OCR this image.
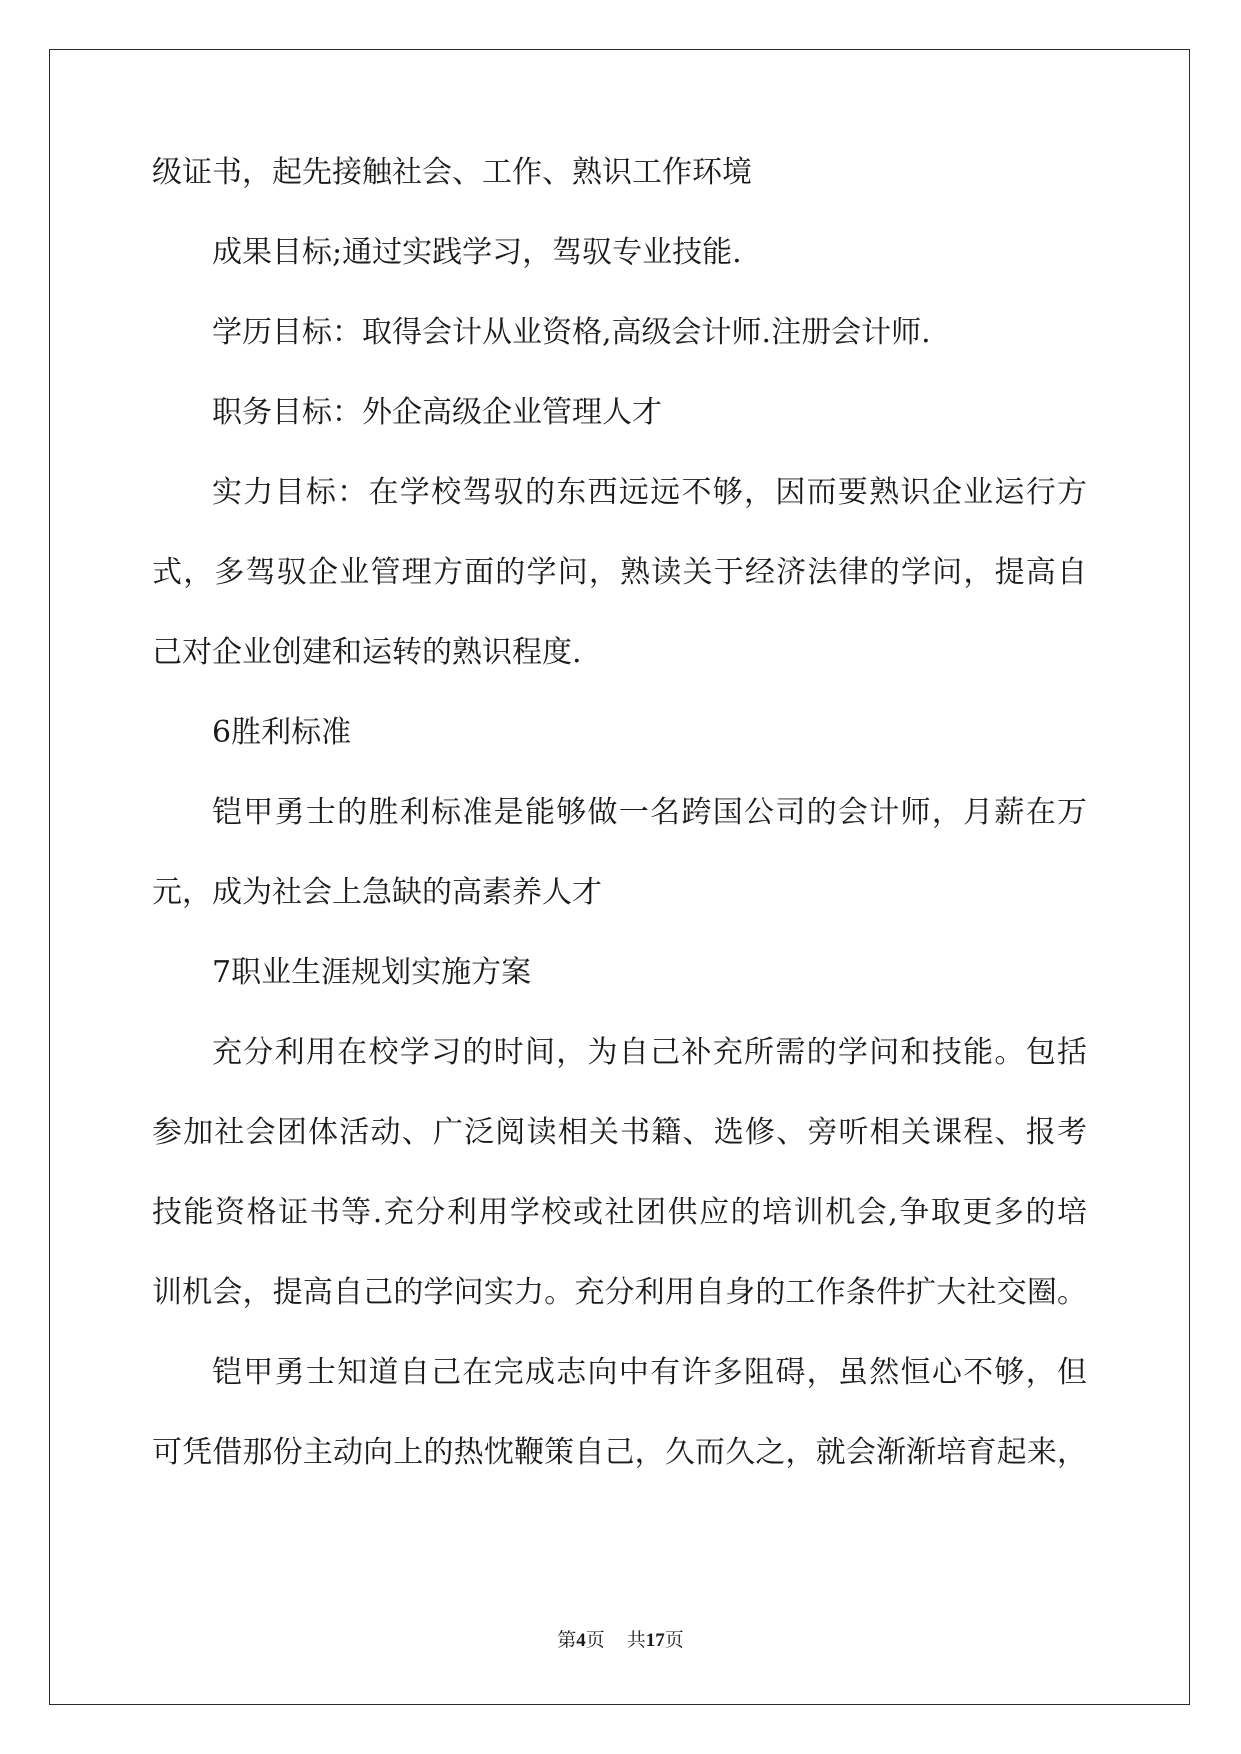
级证书，起先接触社会、工作、熟识工作环境

成果目标;通过实践学习，驾驭专业技能.

学历目标：取得会计从业资格,高级会计师.注册会计师.

职务目标：外企高级企业管理人才

实力目标：在学校驾驭的东西远远不够，因而要熟识企业运行方

式，多驾驭企业管理方面的学问，熟读关于经济法律的学问，提高自

己对企业创建和运转的熟识程度.

6胜利标准

铠甲勇士的胜利标准是能够做一名跨国公司的会计师，月薪在万

元，成为社会上急缺的高素养人才

7职业生涯规划实施方案

充分利用在校学习的时间，为自己补充所需的学问和技能。包括

参加社会团体活动、广泛阅读相关书籍、选修、旁听相关课程、报考

技能资格证书等.充分利用学校或社团供应的培训机会,争取更多的培

训机会，提高自己的学问实力。充分利用自身的工作条件扩大社交圈。

铠甲勇士知道自己在完成志向中有许多阻碍，虽然恒心不够，但

可凭借那份主动向上的热忱鞭策自己，久而久之，就会渐渐培育起来，

第4页 共17页
